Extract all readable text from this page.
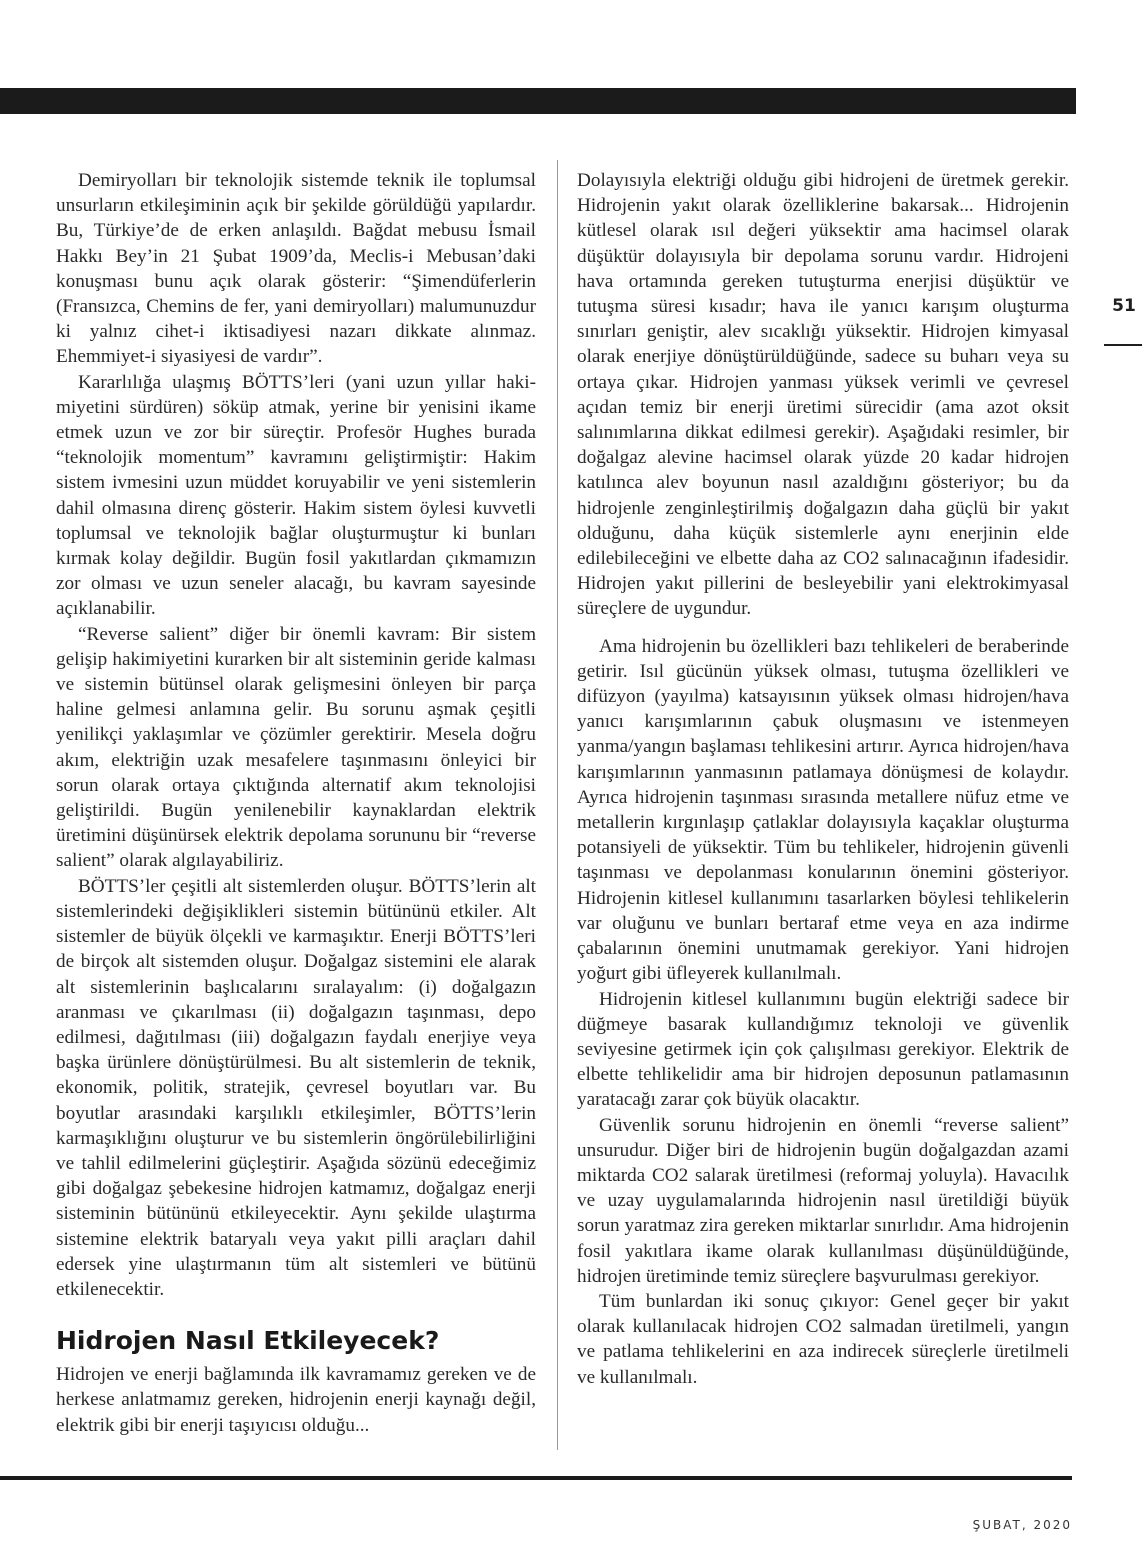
Demiryolları bir teknolojik sistemde teknik ile toplumsal unsurların etkileşiminin açık bir şekilde görüldüğü yapılardır. Bu, Türkiye’de de erken anlaşıldı. Bağdat mebusu İsmail Hakkı Bey’in 21 Şubat 1909’da, Meclis-i Mebusan’daki konuşması bunu açık olarak gösterir: “Şimendüferlerin (Fransızca, Chemins de fer, yani demiryolları) malumunuzdur ki yalnız cihet-i iktisadiyesi nazarı dikkate alınmaz. Ehemmiyet-i siyasiyesi de vardır”.

Kararlılığa ulaşmış BÖTTS’leri (yani uzun yıllar hakimiyetini sürdüren) söküp atmak, yerine bir yenisini ikame etmek uzun ve zor bir süreçtir. Profesör Hughes burada “teknolojik momentum” kavramını geliştirmiştir: Hakim sistem ivmesini uzun müddet koruyabilir ve yeni sistemlerin dahil olmasına direnç gösterir. Hakim sistem öylesi kuvvetli toplumsal ve teknolojik bağlar oluşturmuştur ki bunları kırmak kolay değildir. Bugün fosil yakıtlardan çıkmamızın zor olması ve uzun seneler alacağı, bu kavram sayesinde açıklanabilir.

“Reverse salient” diğer bir önemli kavram: Bir sistem gelişip hakimiyetini kurarken bir alt sisteminin geride kalması ve sistemin bütünsel olarak gelişmesini önleyen bir parça haline gelmesi anlamına gelir. Bu sorunu aşmak çeşitli yenilikçi yaklaşımlar ve çözümler gerektirir. Mesela doğru akım, elektriğin uzak mesafelere taşınmasını önleyici bir sorun olarak ortaya çıktığında alternatif akım teknolojisi geliştirildi. Bugün yenilenebilir kaynaklardan elektrik üretimini düşünürsek elektrik depolama sorununu bir “reverse salient” olarak algılayabiliriz.

BÖTTS’ler çeşitli alt sistemlerden oluşur. BÖTTS’lerin alt sistemlerindeki değişiklikleri sistemin bütününü etkiler. Alt sistemler de büyük ölçekli ve karmaşıktır. Enerji BÖTTS’leri de birçok alt sistemden oluşur. Doğalgaz sistemini ele alarak alt sistemlerinin başlıcalarını sıralayalım: (i) doğalgazın aranması ve çıkarılması (ii) doğalgazın taşınması, depo edilmesi, dağıtılması (iii) doğalgazın faydalı enerjiye veya başka ürünlere dönüştürülmesi. Bu alt sistemlerin de teknik, ekonomik, politik, stratejik, çevresel boyutları var. Bu boyutlar arasındaki karşılıklı etkileşimler, BÖTTS’lerin karmaşıklığını oluşturur ve bu sistemlerin öngörülebilirliğini ve tahlil edilmelerini güçleştirir. Aşağıda sözünü edeceğimiz gibi doğalgaz şebekesine hidrojen katmamız, doğalgaz enerji sisteminin bütününü etkileyecektir. Aynı şekilde ulaştırma sistemine elektrik bataryalı veya yakıt pilli araçları dahil edersek yine ulaştırmanın tüm alt sistemleri ve bütünü etkilenecektir.

Hidrojen Nasıl Etkileyecek?

Hidrojen ve enerji bağlamında ilk kavramamız gereken ve de herkese anlatmamız gereken, hidrojenin enerji kaynağı değil, elektrik gibi bir enerji taşıyıcısı olduğu...

Dolayısıyla elektriği olduğu gibi hidrojeni de üretmek gerekir. Hidrojenin yakıt olarak özelliklerine bakarsak... Hidrojenin kütlesel olarak ısıl değeri yüksektir ama hacimsel olarak düşüktür dolayısıyla bir depolama sorunu vardır. Hidrojeni hava ortamında gereken tutuşturma enerjisi düşüktür ve tutuşma süresi kısadır; hava ile yanıcı karışım oluşturma sınırları geniştir, alev sıcaklığı yüksektir. Hidrojen kimyasal olarak enerjiye dönüştürüldüğünde, sadece su buharı veya su ortaya çıkar. Hidrojen yanması yüksek verimli ve çevresel açıdan temiz bir enerji üretimi sürecidir (ama azot oksit salınımlarına dikkat edilmesi gerekir). Aşağıdaki resimler, bir doğalgaz alevine hacimsel olarak yüzde 20 kadar hidrojen katılınca alev boyunun nasıl azaldığını gösteriyor; bu da hidrojenle zenginleştirilmiş doğalgazın daha güçlü bir yakıt olduğunu, daha küçük sistemlerle aynı enerjinin elde edilebileceğini ve elbette daha az CO2 salınacağının ifadesidir. Hidrojen yakıt pillerini de besleyebilir yani elektrokimyasal süreçlere de uygundur.

Ama hidrojenin bu özellikleri bazı tehlikeleri de beraberinde getirir. Isıl gücünün yüksek olması, tutuşma özellikleri ve difüzyon (yayılma) katsayısının yüksek olması hidrojen/hava yanıcı karışımlarının çabuk oluşmasını ve istenmeyen yanma/yangın başlaması tehlikesini artırır. Ayrıca hidrojen/hava karışımlarının yanmasının patlamaya dönüşmesi de kolaydır. Ayrıca hidrojenin taşınması sırasında metallere nüfuz etme ve metallerin kırgınlaşıp çatlaklar dolayısıyla kaçaklar oluşturma potansiyeli de yüksektir. Tüm bu tehlikeler, hidrojenin güvenli taşınması ve depolanması konularının önemini gösteriyor. Hidrojenin kitlesel kullanımını tasarlarken böylesi tehlikelerin var oluğunu ve bunları bertaraf etme veya en aza indirme çabalarının önemini unutmamak gerekiyor. Yani hidrojen yoğurt gibi üfleyerek kullanılmalı.

Hidrojenin kitlesel kullanımını bugün elektriği sadece bir düğmeye basarak kullandığımız teknoloji ve güvenlik seviyesine getirmek için çok çalışılması gerekiyor. Elektrik de elbette tehlikelidir ama bir hidrojen deposunun patlamasının yaratacağı zarar çok büyük olacaktır.

Güvenlik sorunu hidrojenin en önemli “reverse salient” unsurudur. Diğer biri de hidrojenin bugün doğalgazdan azami miktarda CO2 salarak üretilmesi (reformaj yoluyla). Havacılık ve uzay uygulamalarında hidrojenin nasıl üretildiği büyük sorun yaratmaz zira gereken miktarlar sınırlıdır. Ama hidrojenin fosil yakıtlara ikame olarak kullanılması düşünüldüğünde, hidrojen üretiminde temiz süreçlere başvurulması gerekiyor.

Tüm bunlardan iki sonuç çıkıyor: Genel geçer bir yakıt olarak kullanılacak hidrojen CO2 salmadan üretilmeli, yangın ve patlama tehlikelerini en aza indirecek süreçlerle üretilmeli ve kullanılmalı.

51
ŞUBAT, 2020
